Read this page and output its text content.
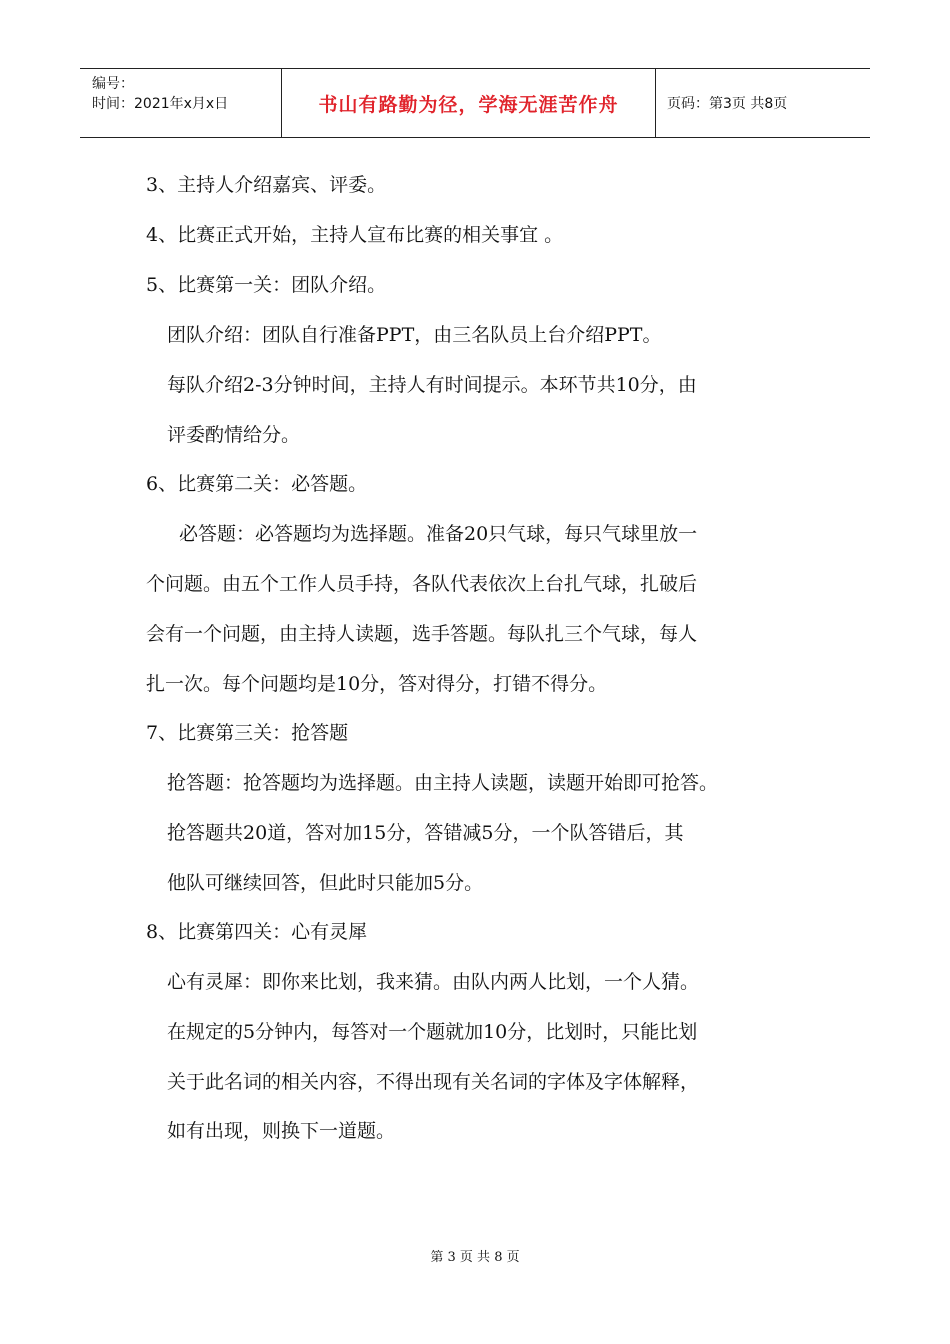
编号：
时间：2021年x月x日	书山有路勤为径，学海无涯苦作舟	页码：第3页 共8页
3、主持人介绍嘉宾、评委。
4、比赛正式开始，主持人宣布比赛的相关事宜 。
5、比赛第一关：团队介绍。
团队介绍：团队自行准备PPT，由三名队员上台介绍PPT。
每队介绍2-3分钟时间，主持人有时间提示。本环节共10分，由
评委酌情给分。
6、比赛第二关：必答题。
必答题：必答题均为选择题。准备20只气球，每只气球里放一
个问题。由五个工作人员手持，各队代表依次上台扎气球，扎破后
会有一个问题，由主持人读题，选手答题。每队扎三个气球，每人
扎一次。每个问题均是10分，答对得分，打错不得分。
7、比赛第三关：抢答题
抢答题：抢答题均为选择题。由主持人读题，读题开始即可抢答。
抢答题共20道，答对加15分，答错减5分，一个队答错后，其
他队可继续回答，但此时只能加5分。
8、比赛第四关：心有灵犀
心有灵犀：即你来比划，我来猜。由队内两人比划，一个人猜。
在规定的5分钟内，每答对一个题就加10分，比划时，只能比划
关于此名词的相关内容，不得出现有关名词的字体及字体解释，
如有出现，则换下一道题。
第 3 页 共 8 页
